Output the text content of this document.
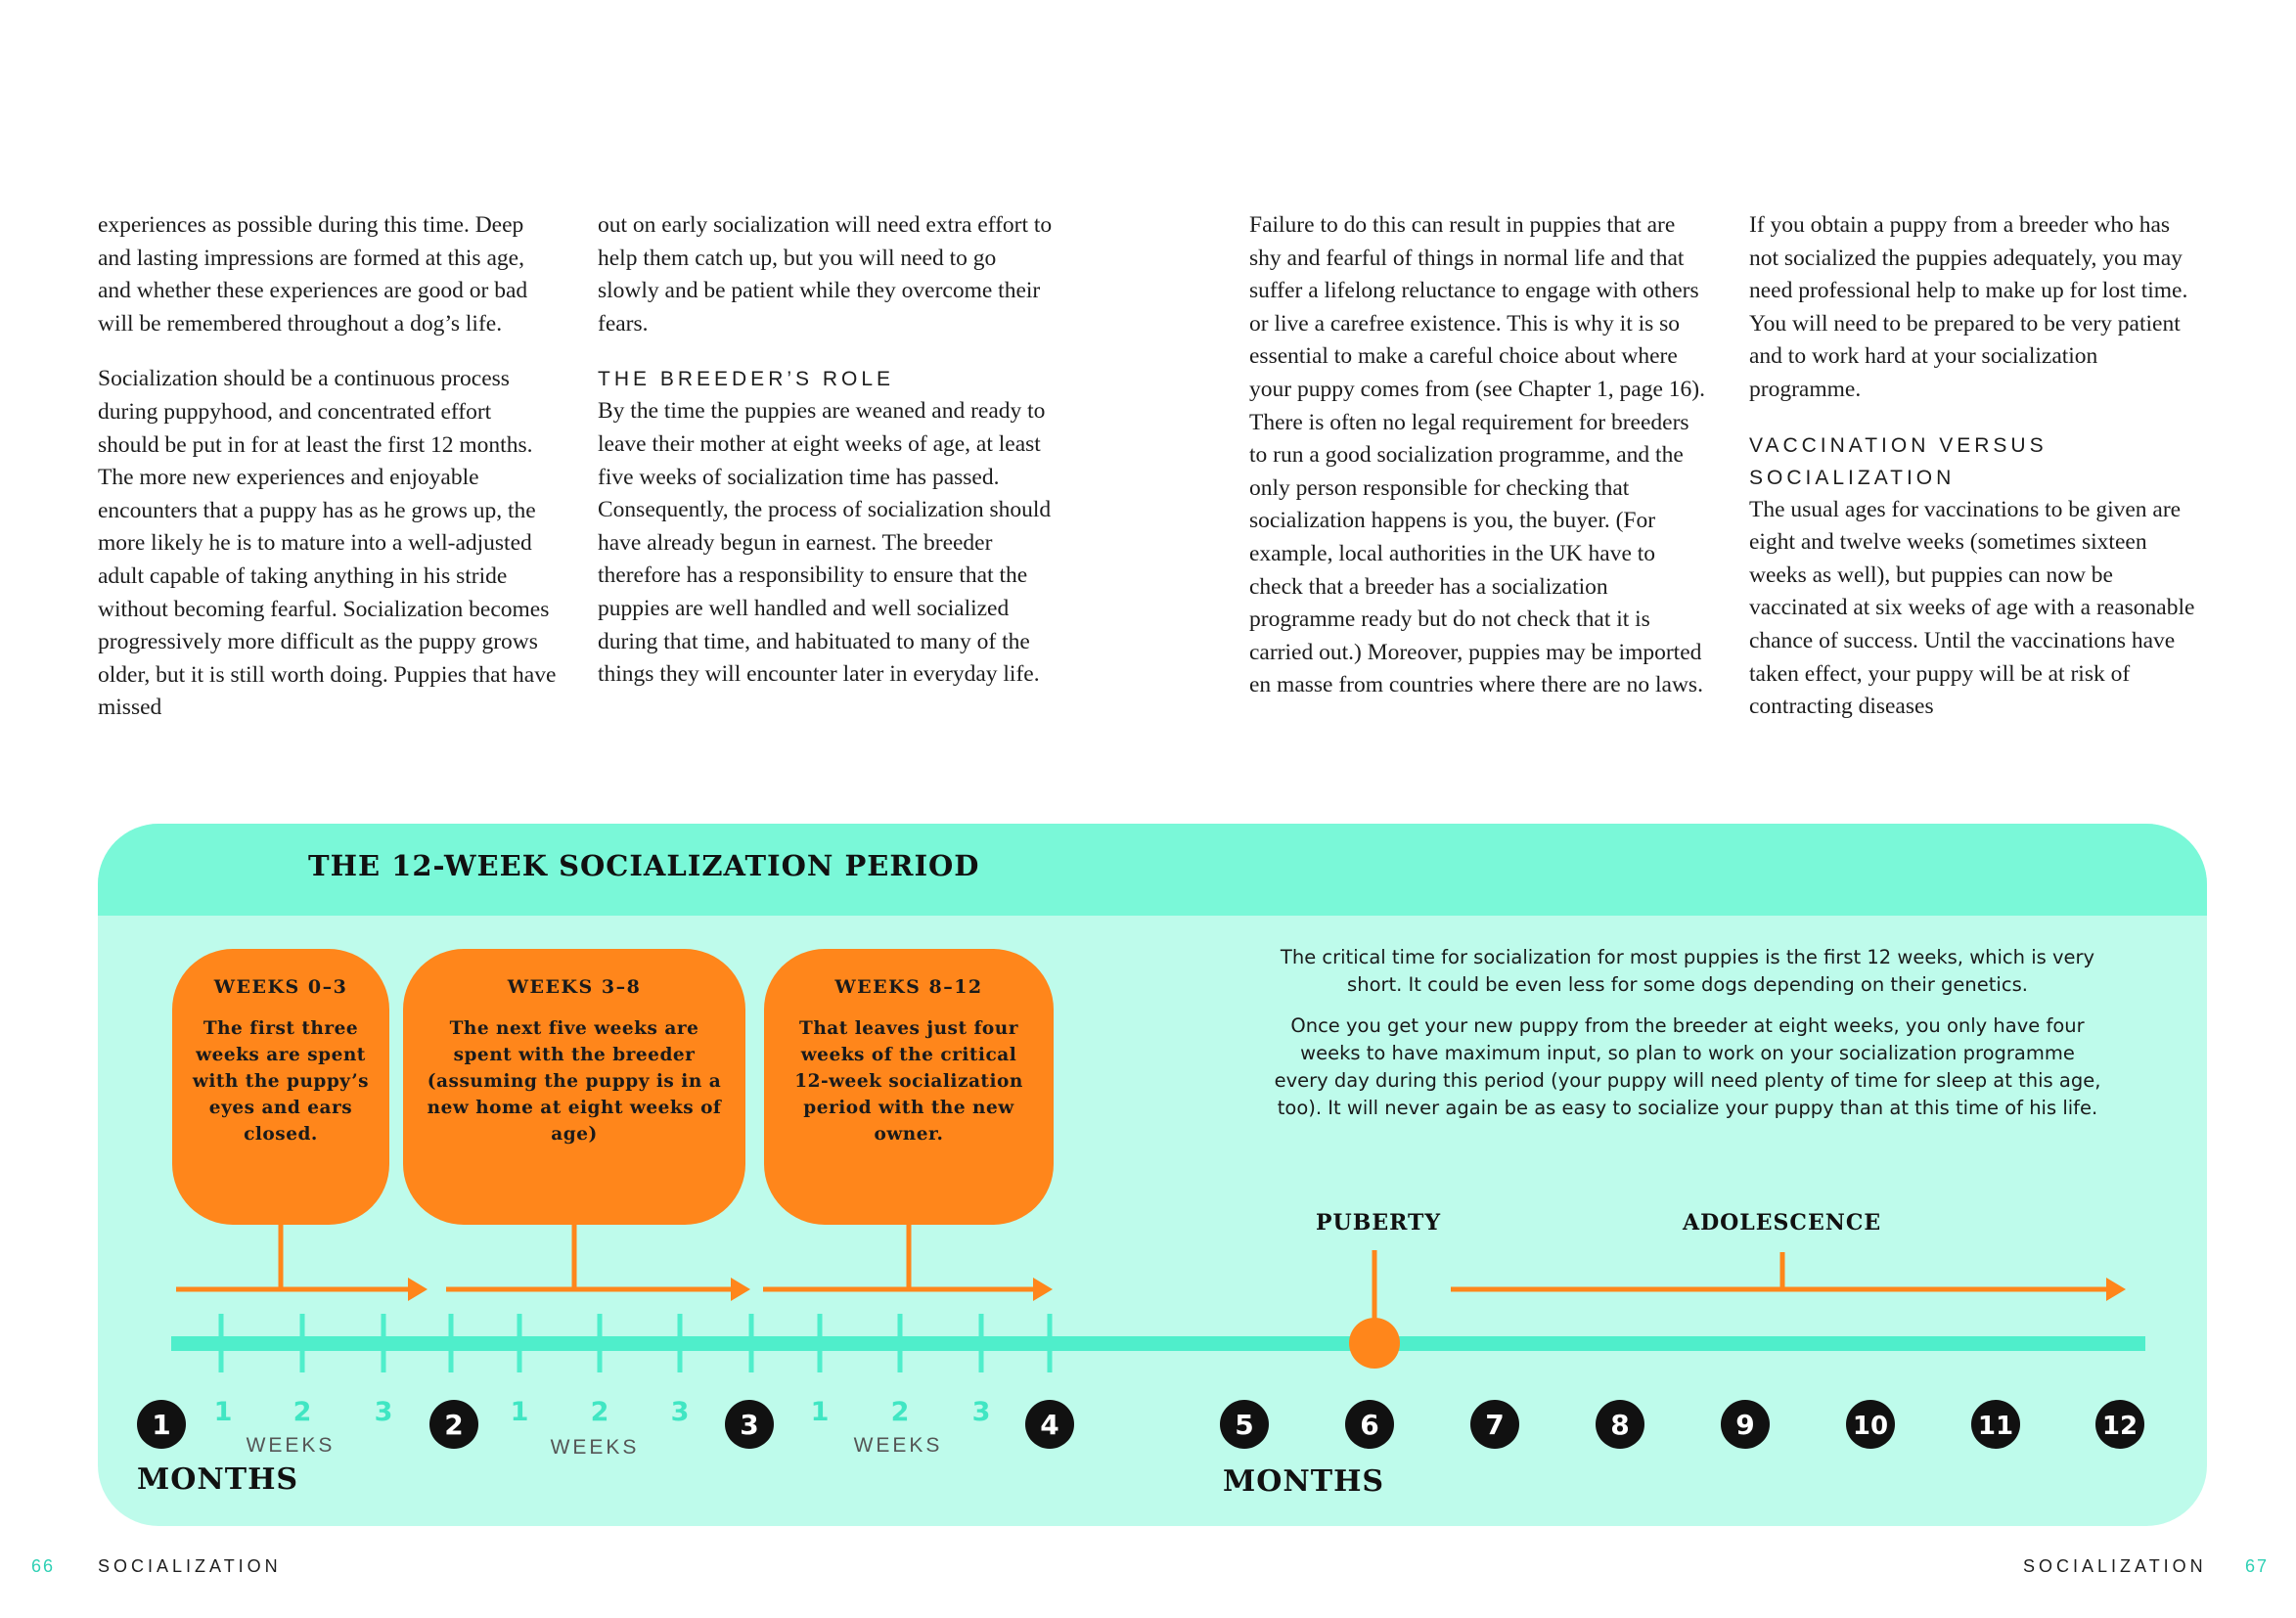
experiences as possible during this time. Deep and lasting impressions are formed at this age, and whether these experiences are good or bad will be remembered throughout a dog’s life.

Socialization should be a continuous process during puppyhood, and concentrated effort should be put in for at least the first 12 months. The more new experiences and enjoyable encounters that a puppy has as he grows up, the more likely he is to mature into a well-adjusted adult capable of taking anything in his stride without becoming fearful. Socialization becomes progressively more difficult as the puppy grows older, but it is still worth doing. Puppies that have missed

out on early socialization will need extra effort to help them catch up, but you will need to go slowly and be patient while they overcome their fears.

THE BREEDER’S ROLE

By the time the puppies are weaned and ready to leave their mother at eight weeks of age, at least five weeks of socialization time has passed. Consequently, the process of socialization should have already begun in earnest. The breeder therefore has a responsibility to ensure that the puppies are well handled and well socialized during that time, and habituated to many of the things they will encounter later in everyday life.

Failure to do this can result in puppies that are shy and fearful of things in normal life and that suffer a lifelong reluctance to engage with others or live a carefree existence. This is why it is so essential to make a careful choice about where your puppy comes from (see Chapter 1, page 16). There is often no legal requirement for breeders to run a good socialization programme, and the only person responsible for checking that socialization happens is you, the buyer. (For example, local authorities in the UK have to check that a breeder has a socialization programme ready but do not check that it is carried out.) Moreover, puppies may be imported en masse from countries where there are no laws.

If you obtain a puppy from a breeder who has not socialized the puppies adequately, you may need professional help to make up for lost time. You will need to be prepared to be very patient and to work hard at your socialization programme.

VACCINATION VERSUS
SOCIALIZATION

The usual ages for vaccinations to be given are eight and twelve weeks (sometimes sixteen weeks as well), but puppies can now be vaccinated at six weeks of age with a reasonable chance of success. Until the vaccinations have taken effect, your puppy will be at risk of contracting diseases

THE 12-WEEK SOCIALIZATION PERIOD
WEEKS 0–3
The first three weeks are spent with the puppy’s eyes and ears closed.
WEEKS 3–8
The next five weeks are spent with the breeder (assuming the puppy is in a new home at eight weeks of age)
WEEKS 8–12
That leaves just four weeks of the critical 12-week socialization period with the new owner.

The critical time for socialization for most puppies is the first 12 weeks, which is very short. It could be even less for some dogs depending on their genetics.

Once you get your new puppy from the breeder at eight weeks, you only have four weeks to have maximum input, so plan to work on your socialization programme every day during this period (your puppy will need plenty of time for sleep at this age, too). It will never again be as easy to socialize your puppy than at this time of his life.

PUBERTY	ADOLESCENCE
1 2 3	1 2 3	1 2 3
WEEKS	WEEKS	WEEKS
1	2	3	4	5	6	7	8	9	10	11	12
MONTHS	MONTHS
66 SOCIALIZATION	SOCIALIZATION 67
